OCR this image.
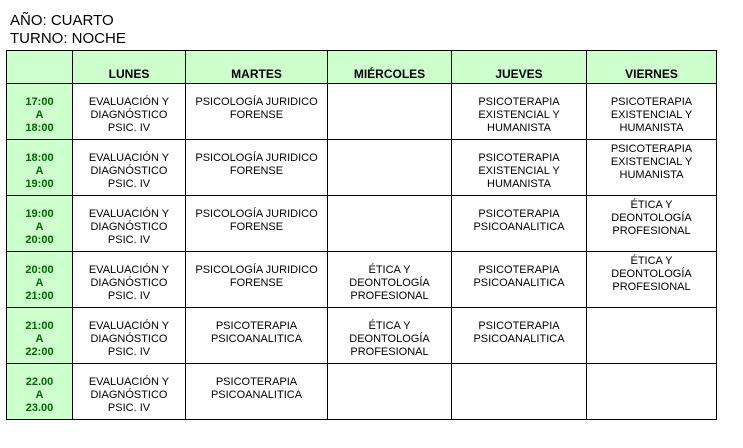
AÑO: CUARTO
TURNO: NOCHE

	LUNES	MARTES	MIÉRCOLES	JUEVES	VIERNES

17:00
A
18:00	EVALUACIÓN Y
DIAGNÓSTICO
PSIC. IV	PSICOLOGÍA JURIDICO
FORENSE		PSICOTERAPIA
EXISTENCIAL Y
HUMANISTA	PSICOTERAPIA
EXISTENCIAL Y
HUMANISTA

18:00
A
19:00	EVALUACIÓN Y
DIAGNÓSTICO
PSIC. IV	PSICOLOGÍA JURIDICO
FORENSE		PSICOTERAPIA
EXISTENCIAL Y
HUMANISTA	PSICOTERAPIA
EXISTENCIAL Y
HUMANISTA

19:00
A
20:00	EVALUACIÓN Y
DIAGNÓSTICO
PSIC. IV	PSICOLOGÍA JURIDICO
FORENSE		PSICOTERAPIA
PSICOANALITICA	ÉTICA Y
DEONTOLOGÍA
PROFESIONAL

20:00
A
21:00	EVALUACIÓN Y
DIAGNÓSTICO
PSIC. IV	PSICOLOGÍA JURIDICO
FORENSE	ÉTICA Y
DEONTOLOGÍA
PROFESIONAL	PSICOTERAPIA
PSICOANALITICA	ÉTICA Y
DEONTOLOGÍA
PROFESIONAL

21:00
A
22:00	EVALUACIÓN Y
DIAGNÓSTICO
PSIC. IV	PSICOTERAPIA
PSICOANALITICA	ÉTICA Y
DEONTOLOGÍA
PROFESIONAL	PSICOTERAPIA
PSICOANALITICA	

22.00
A
23.00	EVALUACIÓN Y
DIAGNÓSTICO
PSIC. IV	PSICOTERAPIA
PSICOANALITICA			
